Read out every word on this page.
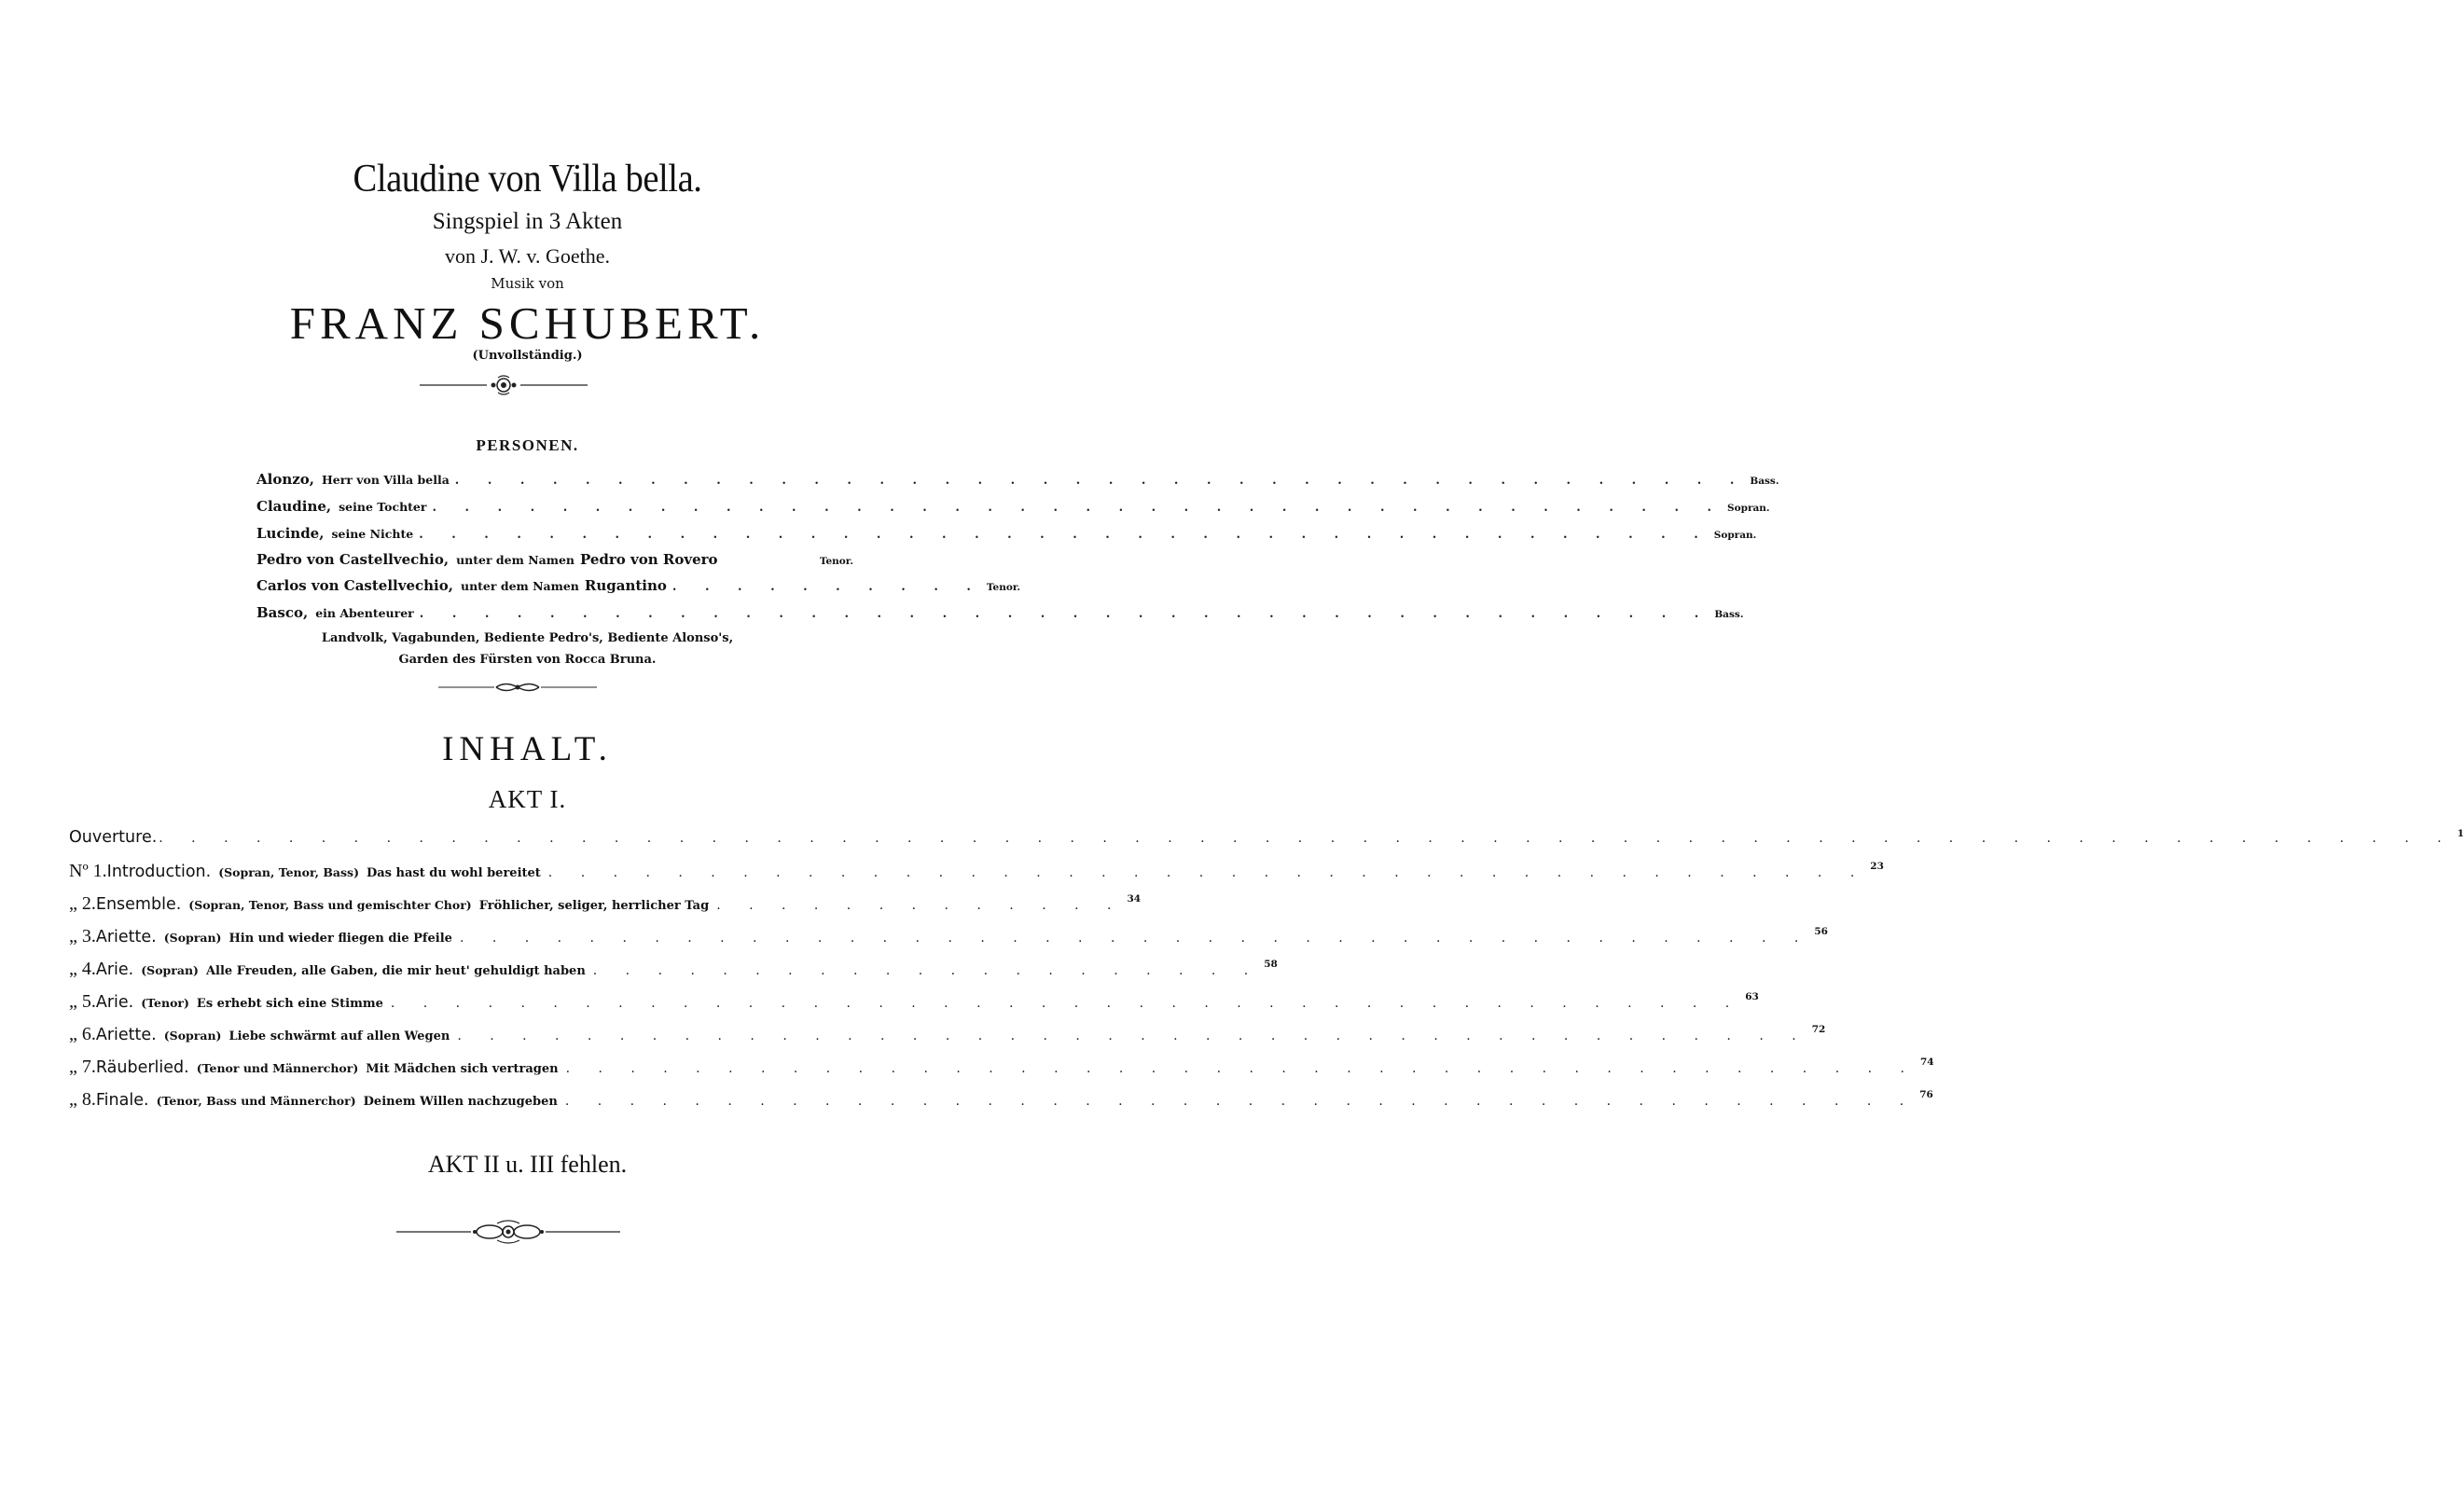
Claudine von Villa bella.
Singspiel in 3 Akten
von J. W. v. Goethe.
Musik von
FRANZ SCHUBERT.
(Unvollständig.)
PERSONEN.
Alonzo, Herr von Villa bella . . . . . . . . . . . . . . . . . . . . . . . . . . . . . . . . . . . . . . . . Bass.
Claudine, seine Tochter . . . . . . . . . . . . . . . . . . . . . . . . . . . . . . . . . . . . . . . . Sopran.
Lucinde, seine Nichte . . . . . . . . . . . . . . . . . . . . . . . . . . . . . . . . . . . . . . . . Sopran.
Pedro von Castellvechio, unter dem Namen Pedro von Rovero	Tenor.
Carlos von Castellvechio, unter dem Namen Rugantino . . . . . . . . . . Tenor.
Basco, ein Abenteurer . . . . . . . . . . . . . . . . . . . . . . . . . . . . . . . . . . . . . . . . Bass.
Landvolk, Vagabunden, Bediente Pedro's, Bediente Alonso's,
Garden des Fürsten von Rocca Bruna.
INHALT.
AKT I.
Ouverture. . . . . . . . . . . . . . . . . . . . . . . . . . . . . . . . . . . . . . . . . . . . . . . . . . . . . . . . . . . . . . . . . . . . . . . . 1
Nº 1. Introduction. (Sopran, Tenor, Bass) Das hast du wohl bereitet . . . . . . . . . . . . . . . . . . . . . . . . . . . . . . . . . . . . . . . . . 23
„ 2. Ensemble. (Sopran, Tenor, Bass und gemischter Chor) Fröhlicher, seliger, herrlicher Tag . . . . . . . . . . . . . 34
„ 3. Ariette. (Sopran) Hin und wieder fliegen die Pfeile . . . . . . . . . . . . . . . . . . . . . . . . . . . . . . . . . . . . . . . . . . 56
„ 4. Arie. (Sopran) Alle Freuden, alle Gaben, die mir heut' gehuldigt haben . . . . . . . . . . . . . . . . . . . . . 58
„ 5. Arie. (Tenor) Es erhebt sich eine Stimme . . . . . . . . . . . . . . . . . . . . . . . . . . . . . . . . . . . . . . . . . . 63
„ 6. Ariette. (Sopran) Liebe schwärmt auf allen Wegen . . . . . . . . . . . . . . . . . . . . . . . . . . . . . . . . . . . . . . . . . . 72
„ 7. Räuberlied. (Tenor und Männerchor) Mit Mädchen sich vertragen . . . . . . . . . . . . . . . . . . . . . . . . . . . . . . . . . . . . . . . . . . 74
„ 8. Finale. (Tenor, Bass und Männerchor) Deinem Willen nachzugeben . . . . . . . . . . . . . . . . . . . . . . . . . . . . . . . . . . . . . . . . . . 76
AKT II u. III fehlen.
